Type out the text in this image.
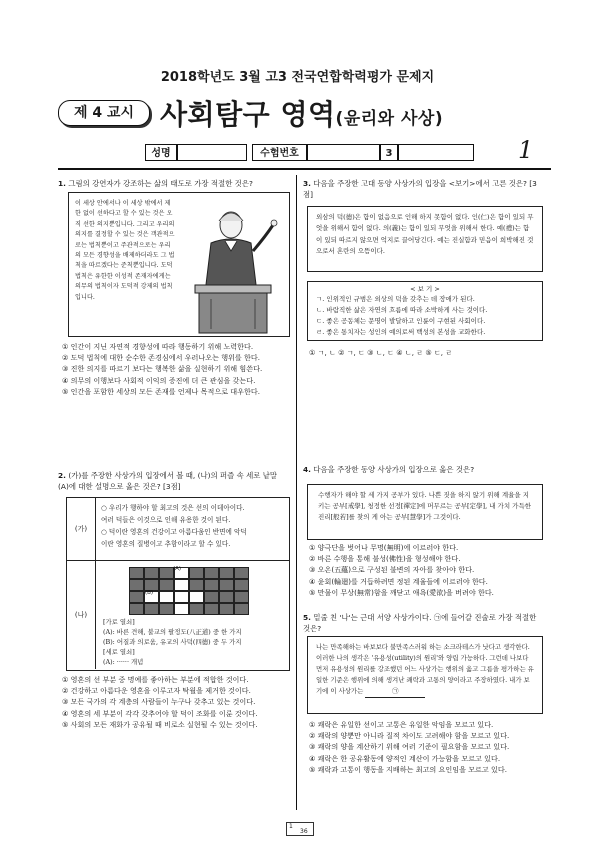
2018학년도 3월 고3 전국연합학력평가 문제지
제 4 교시 사회탐구 영역(윤리와 사상)
성명	수험번호	3	1
1. 그림의 강연자가 강조하는 삶의 태도로 가장 적절한 것은?
이 세상 안에서나 이 세상 밖에서 제한 없이 선하다고 할 수 있는 것은 오직 선한 의지뿐입니다. 그리고 우리의 의지를 결정할 수 있는 것은 객관적으로는 법칙뿐이고 주관적으로는 우리의 모든 경향성을 배제하더라도 그 법칙을 따르겠다는 준칙뿐입니다. 도덕 법칙은 유한한 이성적 존재자에게는 의무의 법칙이자 도덕적 강제의 법칙입니다.
① 인간이 지닌 자연적 경향성에 따라 행동하기 위해 노력한다.
② 도덕 법칙에 대한 순수한 존경심에서 우러나오는 행위를 한다.
③ 진한 의지를 따르기 보다는 행복한 삶을 실현하기 위해 힘쓴다.
④ 의무의 이행보다 사회적 이익의 증진에 더 큰 관심을 갖는다.
⑤ 인간을 포함한 세상의 모든 존재를 언제나 목적으로 대우한다.
2. (가)를 주장한 사상가의 입장에서 볼 때, (나)의 퍼즐 속 세로 낱말 (A)에 대한 설명으로 옳은 것은? [3점]
(가)
○ 우리가 행하야 할 최고의 것은 선의 이데아이다.
여러 덕들은 이것으로 인해 유용한 것이 된다.
○ 덕이란 영혼의 건강이고 아름다움인 반면에 악덕
이란 영혼의 질병이고 추함이라고 할 수 있다.
(나)
(A)
(B)
[가로 열쇠]
(A): 바른 견해, 불교의 팔정도(八正道) 중 한 가지
(B): 어질과 의로움, 유교의 사덕(四德) 중 두 가지
[세로 열쇠]
(A): ······ 개념
① 영혼의 선 부분 중 명예를 좋아하는 부분에 적합한 것이다.
② 건강하고 아름다운 영혼을 이루고자 탁월을 제거한 것이다.
③ 모든 국가의 각 계층의 사람들이 누구나 갖추고 있는 것이다.
④ 영혼의 세 부분이 각각 갖추어야 할 덕이 조화를 이룬 것이다.
⑤ 사회의 모든 재화가 공유될 때 비로소 실현될 수 있는 것이다.
3. 다음을 주장한 고대 동양 사상가의 입장을 <보기>에서 고른 것은? [3점]
외삼의 덕(德)은 함이 없음으로 인해 하지 못함이 없다. 인(仁)은 함이 있되 무엇을 위해서 함이 없다. 의(義)는 함이 있되 무엇을 위해서 한다. 예(禮)는 함이 있되 따르지 않으면 억지로 끌어당긴다. 예는 진실함과 믿음이 희박해진 것으로서 혼란의 으뜸이다.
< 보 기 >
ㄱ. 인위적인 규범은 외상의 덕을 갖추는 데 장애가 된다.
ㄴ. 바람직한 삶은 자연의 흐름에 따라 소박하게 사는 것이다.
ㄷ. 좋은 공동체는 문명이 발달하고 인륜이 구현된 사회이다.
ㄹ. 좋은 통치자는 성인의 예의로써 백성의 본성을 교화한다.
① ㄱ, ㄴ ② ㄱ, ㄷ ③ ㄴ, ㄷ ④ ㄴ, ㄹ ⑤ ㄷ, ㄹ
4. 다음을 주장한 동양 사상가의 입장으로 옳은 것은?
수행자가 해야 할 세 가지 공부가 있다. 나쁜 짓을 하지 않기 위해 계율을 지키는 공부[戒學], 청정한 선정[禪定]에 머무르는 공부[定學], 내 가치 가득한 진리[般若]를 찾의 게 아는 공부[慧學]가 그것이다.
① 양극단을 벗어나 무명(無明)에 이르러야 한다.
② 바른 수행을 통해 불성(佛性)을 형성해야 한다.
③ 오온(五蘊)으로 구성된 불변의 자아를 찾아야 한다.
④ 윤회(輪廻)를 거듭하려면 정된 계율들에 이르러야 한다.
⑤ 만물이 무상(無常)함을 깨닫고 애욕(愛欲)을 버려야 한다.
5. 밑줄 친 '나'는 근대 서양 사상가이다. ㉠에 들어갈 진술로 가장 적절한 것은?
나는 만족해하는 바보보다 불만족스러워 하는 소크라테스가 낫다고 생각한다. 이러한 나의 생각은 '유용성(utility)의 원리'와 양립 가능하다. 그런데 나보다 먼저 유용성의 원리를 강조했던 어느 사상가는 행위의 옳고 그름을 평가하는 유일한 기준은 행위에 의해 생겨난 쾌락과 고통의 양이라고 주장하였다. 내가 보기에 이 사상가는	㉠
① 쾌락은 유일한 선이고 고통은 유일한 악임을 모르고 있다.
② 쾌락의 양뿐만 아니라 질적 차이도 고려해야 함을 모르고 있다.
③ 쾌락의 양을 계산하기 위해 여러 기준이 필요함을 모르고 있다.
④ 쾌락은 한 공유활동에 양적인 계산이 가능함을 모르고 있다.
⑤ 쾌락과 고통이 행동을 지배하는 최고의 요인임을 모르고 있다.
1
36
